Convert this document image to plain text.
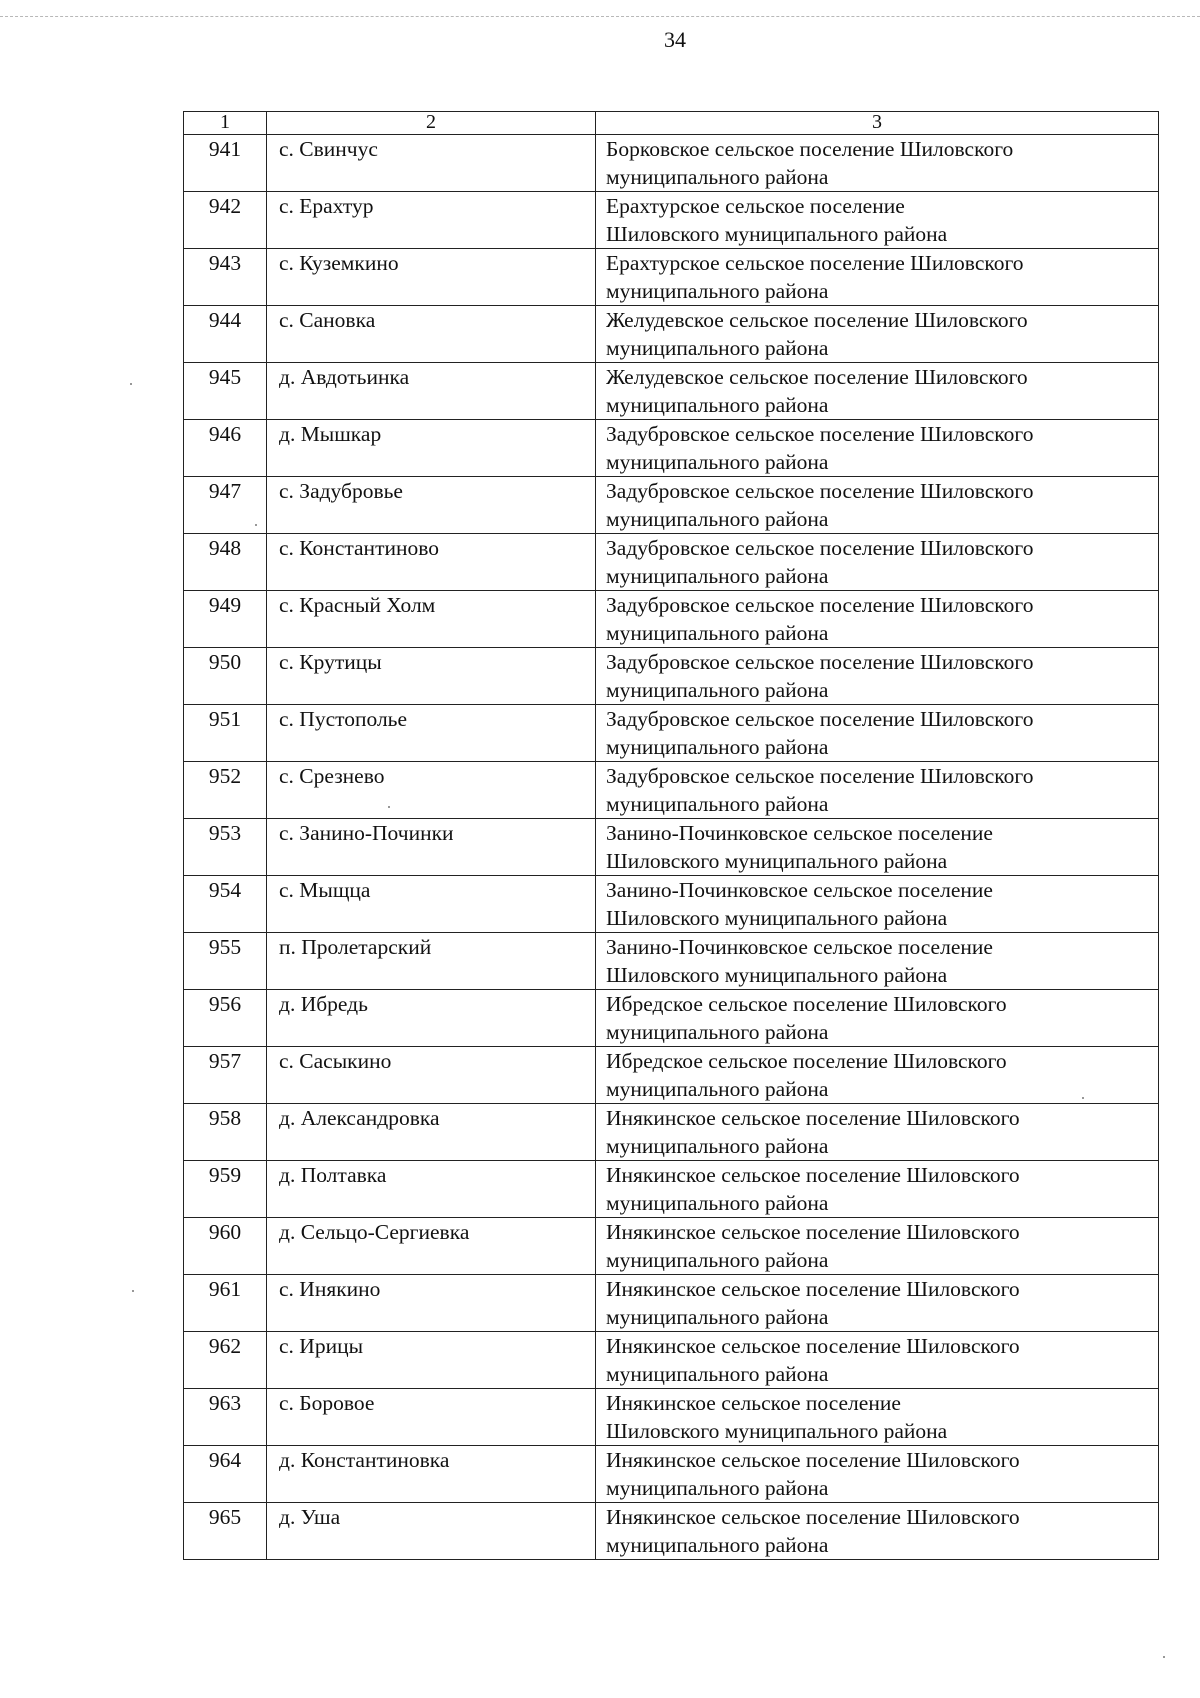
34
1	2	3
941	с. Свинчус	Борковское сельское поселение Шиловского
муниципального района

942	с. Ерахтур	Ерахтурское сельское поселение
Шиловского муниципального района

943	с. Куземкино	Ерахтурское сельское поселение Шиловского
муниципального района

944	с. Сановка	Желудевское сельское поселение Шиловского
муниципального района

945	д. Авдотьинка	Желудевское сельское поселение Шиловского
муниципального района

946	д. Мышкар	Задубровское сельское поселение Шиловского
муниципального района

947	с. Задубровье	Задубровское сельское поселение Шиловского
муниципального района

948	с. Константиново	Задубровское сельское поселение Шиловского
муниципального района

949	с. Красный Холм	Задубровское сельское поселение Шиловского
муниципального района

950	с. Крутицы	Задубровское сельское поселение Шиловского
муниципального района

951	с. Пустополье	Задубровское сельское поселение Шиловского
муниципального района

952	с. Срезнево	Задубровское сельское поселение Шиловского
муниципального района

953	с. Занино-Починки	Занино-Починковское сельское поселение
Шиловского муниципального района

954	с. Мыщца	Занино-Починковское сельское поселение
Шиловского муниципального района

955	п. Пролетарский	Занино-Починковское сельское поселение
Шиловского муниципального района

956	д. Ибредь	Ибредское сельское поселение Шиловского
муниципального района

957	с. Сасыкино	Ибредское сельское поселение Шиловского
муниципального района

958	д. Александровка	Инякинское сельское поселение Шиловского
муниципального района

959	д. Полтавка	Инякинское сельское поселение Шиловского
муниципального района

960	д. Сельцо-Сергиевка	Инякинское сельское поселение Шиловского
муниципального района

961	с. Инякино	Инякинское сельское поселение Шиловского
муниципального района

962	с. Ирицы	Инякинское сельское поселение Шиловского
муниципального района

963	с. Боровое	Инякинское сельское поселение
Шиловского муниципального района

964	д. Константиновка	Инякинское сельское поселение Шиловского
муниципального района

965	д. Уша	Инякинское сельское поселение Шиловского
муниципального района
